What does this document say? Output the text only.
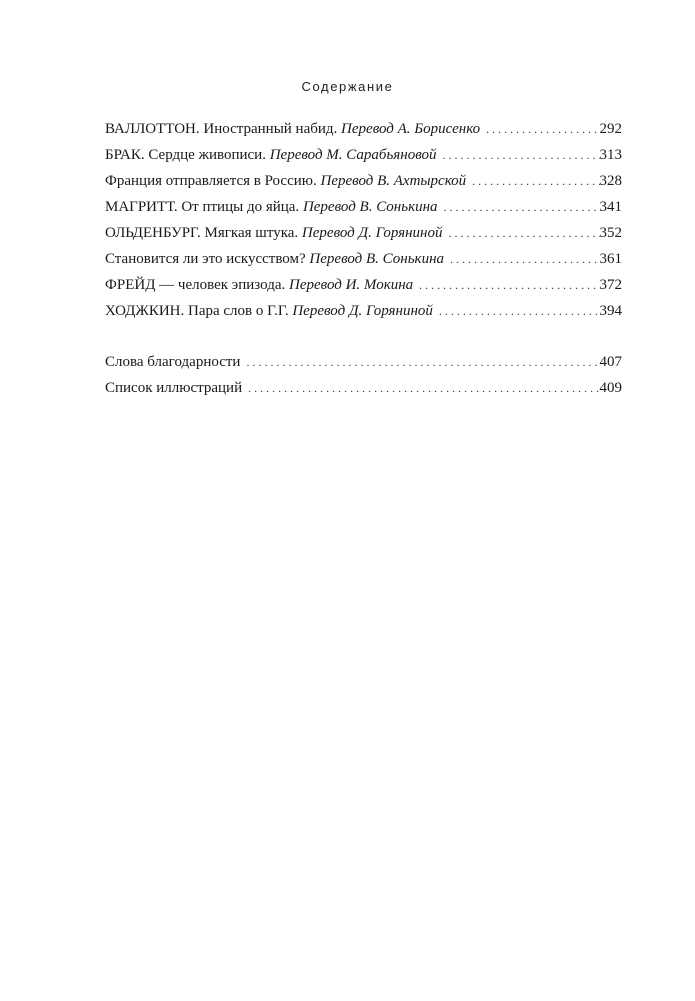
Содержание
ВАЛЛОТТОН. Иностранный набид. Перевод А. Борисенко . . .	292
БРАК. Сердце живописи. Перевод М. Сарабьяновой . . .	313
Франция отправляется в Россию. Перевод В. Ахтырской . . .	328
МАГРИТТ. От птицы до яйца. Перевод В. Сонькина . . .	341
ОЛЬДЕНБУРГ. Мягкая штука. Перевод Д. Горяниной . . .	352
Становится ли это искусством? Перевод В. Сонькина . . .	361
ФРЕЙД — человек эпизода. Перевод И. Мокина . . .	372
ХОДЖКИН. Пара слов о Г.Г. Перевод Д. Горяниной . . .	394
Слова благодарности . . .	407
Список иллюстраций . . .	409
